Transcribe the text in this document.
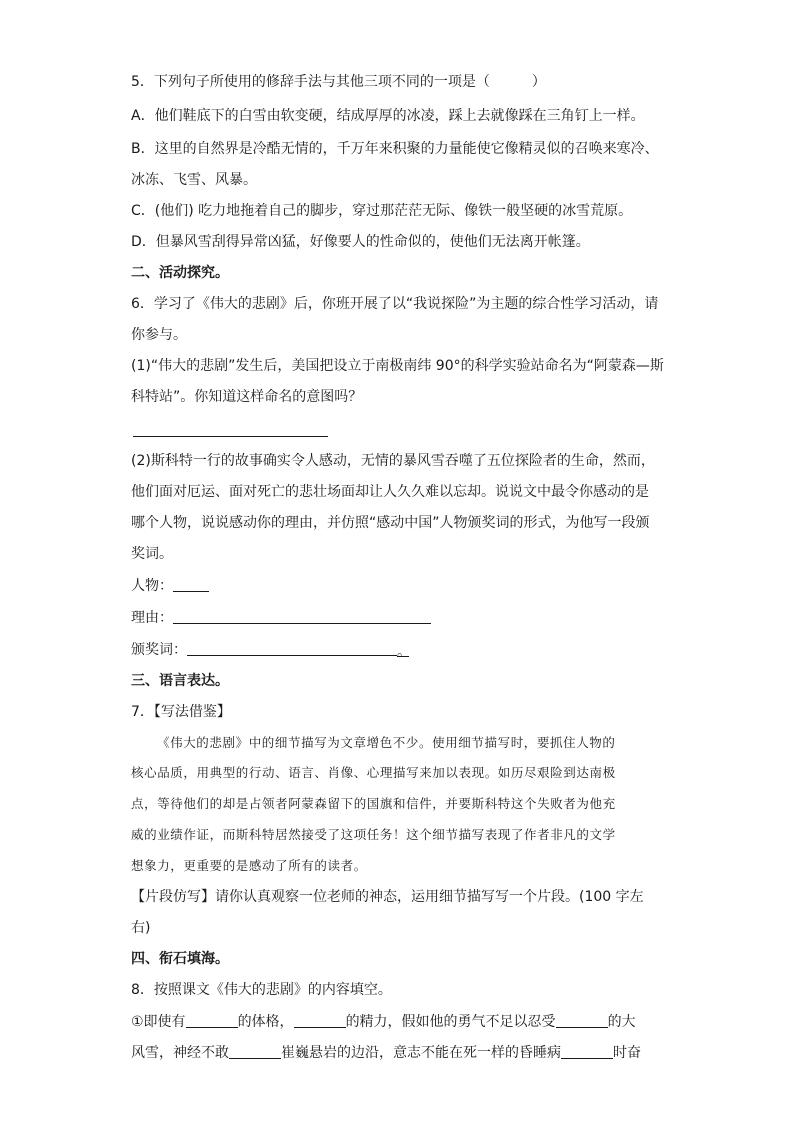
5．下列句子所使用的修辞手法与其他三项不同的一项是（　　　）
A．他们鞋底下的白雪由软变硬，结成厚厚的冰凌，踩上去就像踩在三角钉上一样。
B．这里的自然界是冷酷无情的，千万年来积聚的力量能使它像精灵似的召唤来寒冷、
冰冻、飞雪、风暴。
C．(他们) 吃力地拖着自己的脚步，穿过那茫茫无际、像铁一般坚硬的冰雪荒原。
D．但暴风雪刮得异常凶猛，好像要人的性命似的，使他们无法离开帐篷。
二、活动探究。
6．学习了《伟大的悲剧》后，你班开展了以“我说探险”为主题的综合性学习活动，请
你参与。
(1)“伟大的悲剧”发生后，美国把设立于南极南纬 90°的科学实验站命名为“阿蒙森—斯
科特站”。你知道这样命名的意图吗？
(2)斯科特一行的故事确实令人感动，无情的暴风雪吞噬了五位探险者的生命，然而，
他们面对厄运、面对死亡的悲壮场面却让人久久难以忘却。说说文中最令你感动的是
哪个人物，说说感动你的理由，并仿照“感动中国”人物颁奖词的形式，为他写一段颁
奖词。
人物：
理由：
颁奖词：	。
三、语言表达。
7．【写法借鉴】
《伟大的悲剧》中的细节描写为文章增色不少。使用细节描写时，要抓住人物的
核心品质，用典型的行动、语言、肖像、心理描写来加以表现。如历尽艰险到达南极
点，等待他们的却是占领者阿蒙森留下的国旗和信件，并要斯科特这个失败者为他充
威的业绩作证，而斯科特居然接受了这项任务！这个细节描写表现了作者非凡的文学
想象力，更重要的是感动了所有的读者。
【片段仿写】请你认真观察一位老师的神态，运用细节描写写一个片段。(100 字左
右)
四、衔石填海。
8．按照课文《伟大的悲剧》的内容填空。
①即使有	的体格，	的精力，假如他的勇气不足以忍受	的大
风雪，神经不敢	崔巍悬岩的边沿，意志不能在死一样的昏睡病	时奋
